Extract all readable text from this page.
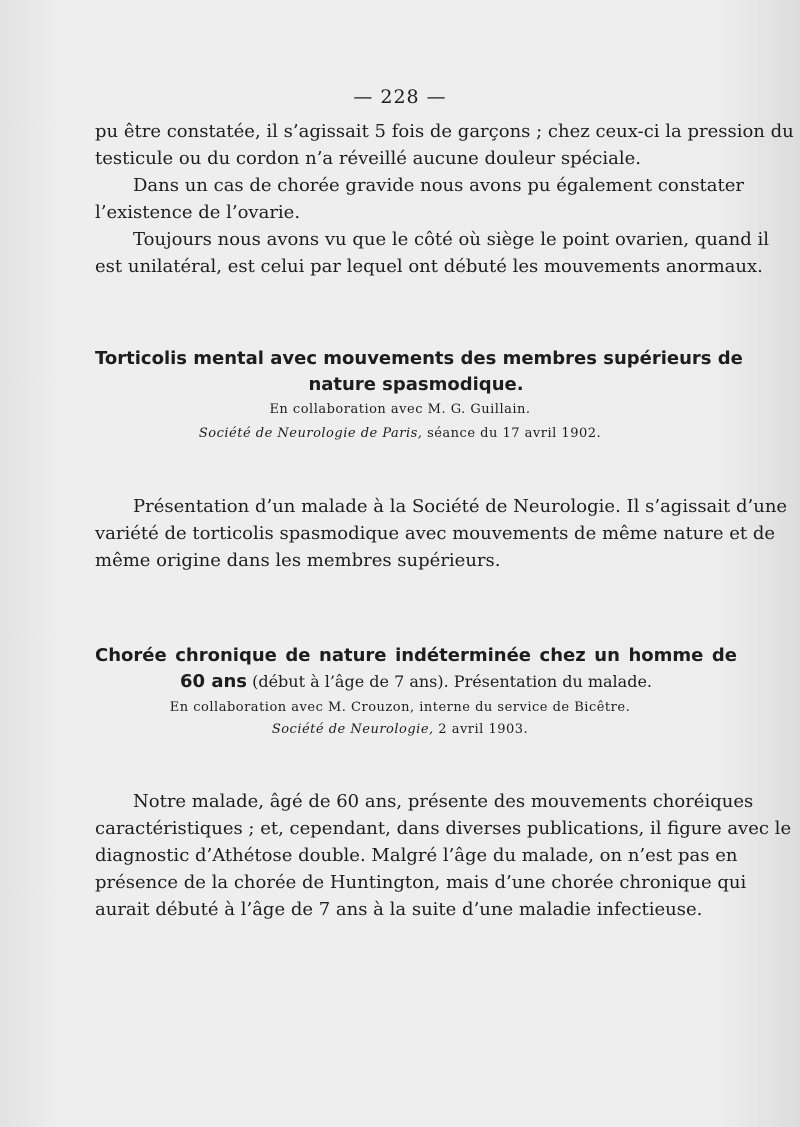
— 228 —
pu être constatée, il s’agissait 5 fois de garçons ; chez ceux-ci la pression du
testicule ou du cordon n’a réveillé aucune douleur spéciale.
Dans un cas de chorée gravide nous avons pu également constater
l’existence de l’ovarie.
Toujours nous avons vu que le côté où siège le point ovarien, quand il
est unilatéral, est celui par lequel ont débuté les mouvements anormaux.
Torticolis mental avec mouvements des membres supérieurs de
nature spasmodique.
En collaboration avec M. G. Guillain.
Société de Neurologie de Paris, séance du 17 avril 1902.
Présentation d’un malade à la Société de Neurologie. Il s’agissait d’une
variété de torticolis spasmodique avec mouvements de même nature et de
même origine dans les membres supérieurs.
Chorée chronique de nature indéterminée chez un homme de
60 ans (début à l’âge de 7 ans). Présentation du malade.
En collaboration avec M. Crouzon, interne du service de Bicêtre.
Société de Neurologie, 2 avril 1903.
Notre malade, âgé de 60 ans, présente des mouvements choréiques
caractéristiques ; et, cependant, dans diverses publications, il figure avec le
diagnostic d’Athétose double. Malgré l’âge du malade, on n’est pas en
présence de la chorée de Huntington, mais d’une chorée chronique qui
aurait débuté à l’âge de 7 ans à la suite d’une maladie infectieuse.
